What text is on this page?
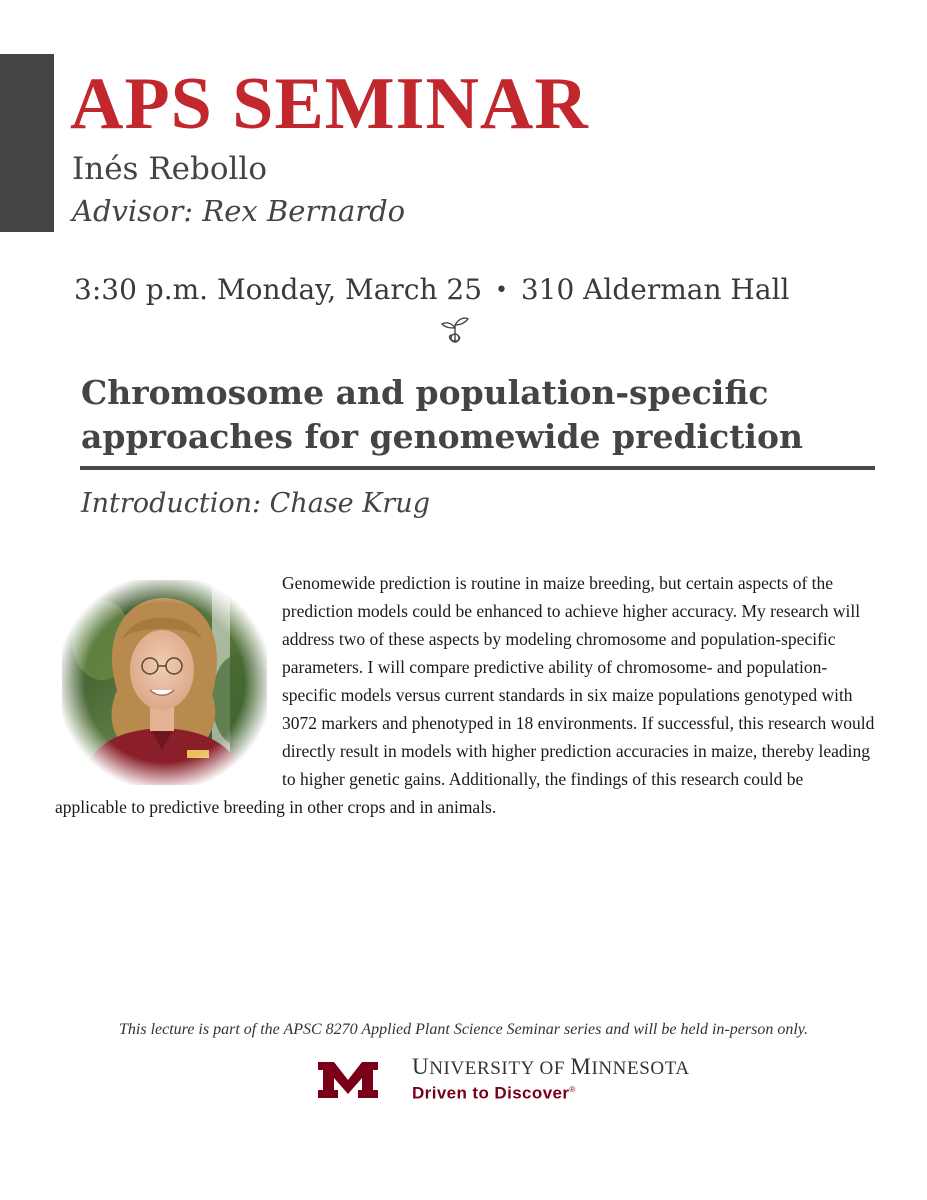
APS SEMINAR
Inés Rebollo
Advisor: Rex Bernardo
3:30 p.m. Monday, March 25 • 310 Alderman Hall
Chromosome and population-specific approaches for genomewide prediction
Introduction: Chase Krug

Genomewide prediction is routine in maize breeding, but certain aspects of the prediction models could be enhanced to achieve higher accuracy. My research will address two of these aspects by modeling chromosome and population-specific parameters. I will compare predictive ability of chromosome- and population-specific models versus current standards in six maize populations genotyped with 3072 markers and phenotyped in 18 environments. If successful, this research would directly result in models with higher prediction accuracies in maize, thereby leading to higher genetic gains. Additionally, the findings of this research could be applicable to predictive breeding in other crops and in animals.

This lecture is part of the APSC 8270 Applied Plant Science Seminar series and will be held in-person only.
UNIVERSITY OF MINNESOTA
Driven to Discover®
